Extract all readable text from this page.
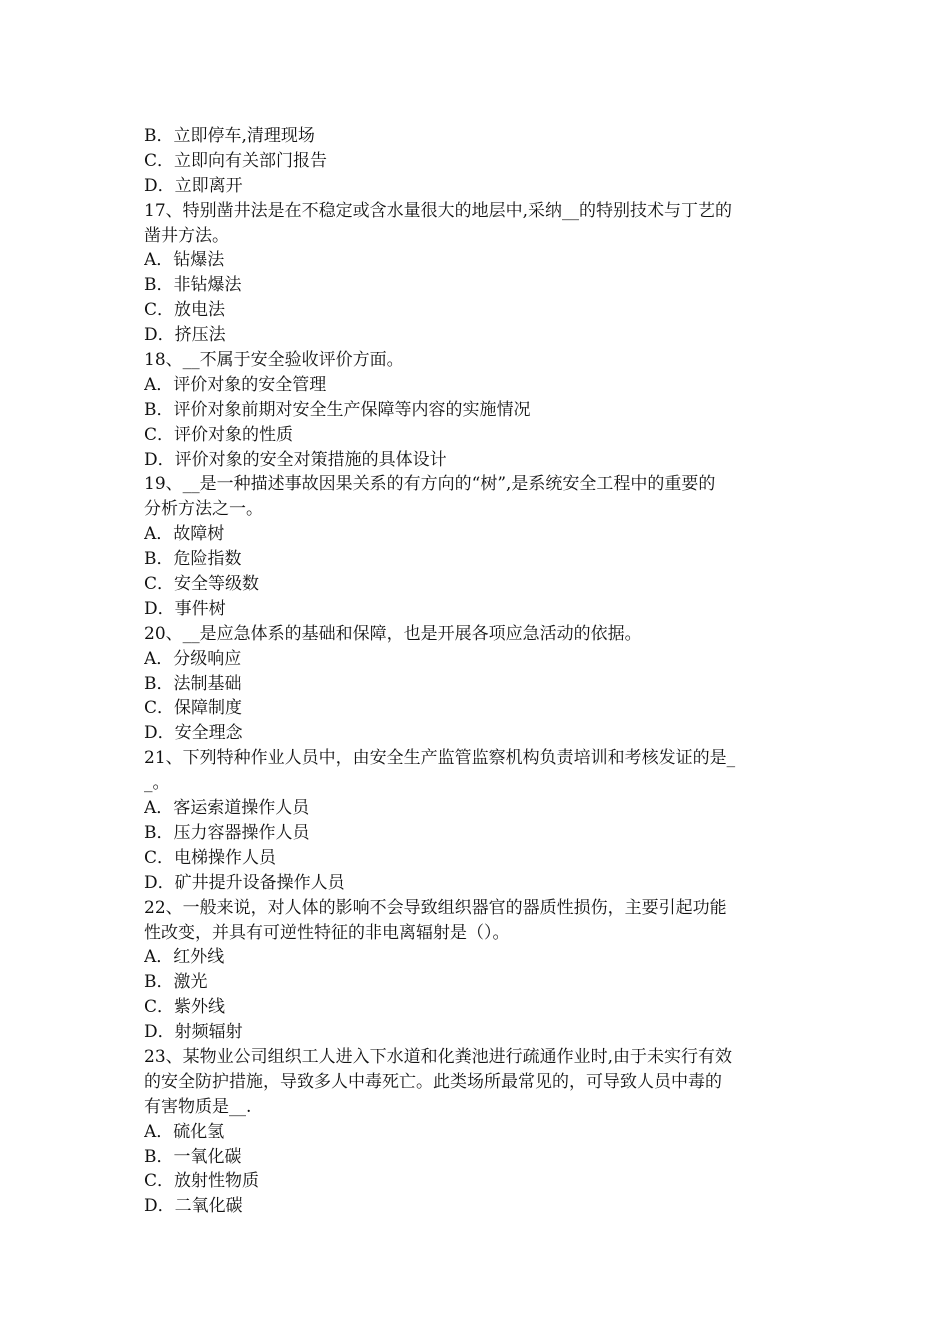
B．立即停车,清理现场
C．立即向有关部门报告
D．立即离开
17、特别凿井法是在不稳定或含水量很大的地层中,采纳__的特别技术与丁艺的
凿井方法。
A．钻爆法
B．非钻爆法
C．放电法
D．挤压法
18、__不属于安全验收评价方面。
A．评价对象的安全管理
B．评价对象前期对安全生产保障等内容的实施情况
C．评价对象的性质
D．评价对象的安全对策措施的具体设计
19、__是一种描述事故因果关系的有方向的“树”,是系统安全工程中的重要的
分析方法之一。
A．故障树
B．危险指数
C．安全等级数
D．事件树
20、__是应急体系的基础和保障，也是开展各项应急活动的依据。
A．分级响应
B．法制基础
C．保障制度
D．安全理念
21、下列特种作业人员中，由安全生产监管监察机构负责培训和考核发证的是_
_。
A．客运索道操作人员
B．压力容器操作人员
C．电梯操作人员
D．矿井提升设备操作人员
22、一般来说，对人体的影响不会导致组织器官的器质性损伤，主要引起功能
性改变，并具有可逆性特征的非电离辐射是（）。
A．红外线
B．激光
C．紫外线
D．射频辐射
23、某物业公司组织工人进入下水道和化粪池进行疏通作业时,由于未实行有效
的安全防护措施，导致多人中毒死亡。此类场所最常见的，可导致人员中毒的
有害物质是__.
A．硫化氢
B．一氧化碳
C．放射性物质
D．二氧化碳
